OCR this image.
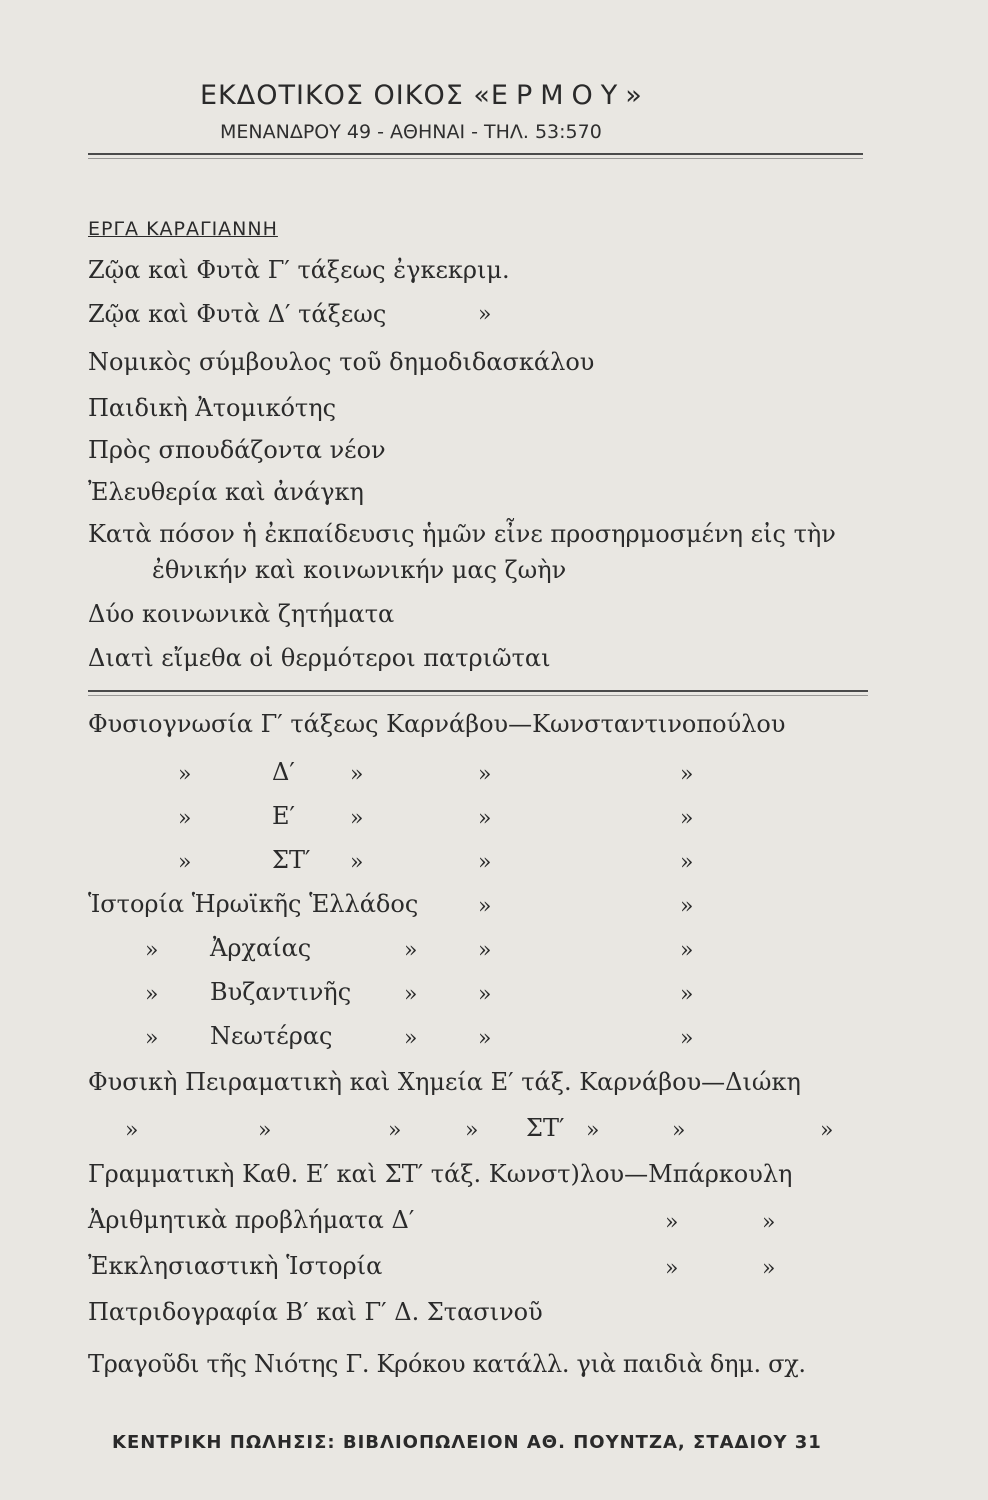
ΕΚΔΟΤΙΚΟΣ ΟΙΚΟΣ «ΕΡΜΟΥ»
ΜΕΝΑΝΔΡΟΥ 49 - ΑΘΗΝΑΙ - ΤΗΛ. 53:570
ΕΡΓΑ ΚΑΡΑΓΙΑΝΝΗ
Ζῷα καὶ Φυτὰ Γ′ τάξεως ἐγκεκριμ.
Ζῷα καὶ Φυτὰ Δ′ τάξεως	»
Νομικὸς σύμβουλος τοῦ δημοδιδασκάλου
Παιδικὴ Ἀτομικότης
Πρὸς σπουδάζοντα νέον
Ἐλευθερία καὶ ἀνάγκη
Κατὰ πόσον ἡ ἐκπαίδευσις ἡμῶν εἶνε προσηρμοσμένη εἰς τὴν
ἐθνικήν καὶ κοινωνικήν μας ζωὴν
Δύο κοινωνικὰ ζητήματα
Διατὶ εἴμεθα οἱ θερμότεροι πατριῶται
Φυσιογνωσία Γ′ τάξεως Καρνάβου—Κωνσταντινοπούλου
»	Δ′	»	»	»
»	Ε′	»	»	»
»	ΣΤ′ »	»	»
Ἱστορία Ἡρωϊκῆς Ἑλλάδος	»	»
» Ἀρχαίας	»	»	»
» Βυζαντινῆς »	»	»
» Νεωτέρας	»	»	»
Φυσικὴ Πειραματικὴ καὶ Χημεία Ε′ τάξ. Καρνάβου—Διώκη
»	»	»	» ΣΤ′ »	»	»
Γραμματικὴ Καθ. Ε′ καὶ ΣΤ′ τάξ. Κωνστ)λου—Μπάρκουλη
Ἀριθμητικὰ προβλήματα Δ′	»	»
Ἐκκλησιαστικὴ Ἱστορία	»	»
Πατριδογραφία Β′ καὶ Γ′ Δ. Στασινοῦ
Τραγοῦδι τῆς Νιότης Γ. Κρόκου κατάλλ. γιὰ παιδιὰ δημ. σχ.
ΚΕΝΤΡΙΚΗ ΠΩΛΗΣΙΣ: ΒΙΒΛΙΟΠΩΛΕΙΟΝ ΑΘ. ΠΟΥΝΤΖΑ, ΣΤΑΔΙΟΥ 31
